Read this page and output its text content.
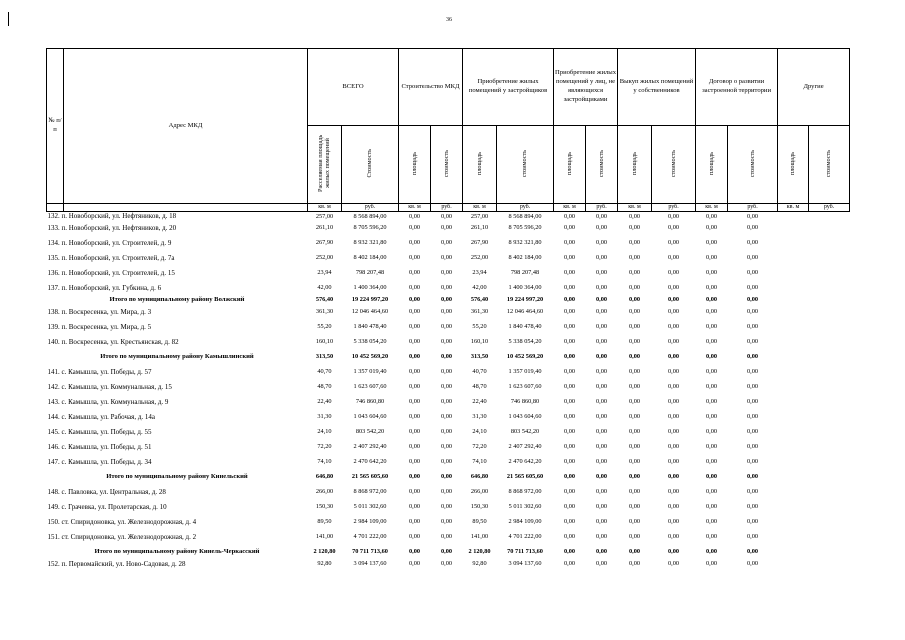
36
№ п/п	Адрес МКД	ВСЕГО		Строительство МКД		Приобретение жилых помещений у застройщиков		Приобретение жилых помещений у лиц, не являющихся застройщиками		Выкуп жилых помещений у собственников		Договор о развитии застроенной территории		Другие	
		Расселяемая площадь жилых помещений	Стоимость	площадь	стоимость	площадь	стоимость	площадь	стоимость	площадь	стоимость	площадь	стоимость	площадь	стоимость
		кв. м	руб.	кв. м	руб.	кв. м	руб.	кв. м	руб.	кв. м	руб.	кв. м	руб.	кв. м	руб.
132. п. Новоборский, ул. Нефтяников, д. 18		257,00	8 568 894,00	0,00	0,00	257,00	8 568 894,00	0,00	0,00	0,00	0,00	0,00	0,00		
133. п. Новоборский, ул. Нефтяников, д. 20		261,10	8 705 596,20	0,00	0,00	261,10	8 705 596,20	0,00	0,00	0,00	0,00	0,00	0,00		
134. п. Новоборский, ул. Строителей, д. 9		267,90	8 932 321,80	0,00	0,00	267,90	8 932 321,80	0,00	0,00	0,00	0,00	0,00	0,00		
135. п. Новоборский, ул. Строителей, д. 7а		252,00	8 402 184,00	0,00	0,00	252,00	8 402 184,00	0,00	0,00	0,00	0,00	0,00	0,00		
136. п. Новоборский, ул. Строителей, д. 15		23,94	798 207,48	0,00	0,00	23,94	798 207,48	0,00	0,00	0,00	0,00	0,00	0,00		
137. п. Новоборский, ул. Губкина, д. 6		42,00	1 400 364,00	0,00	0,00	42,00	1 400 364,00	0,00	0,00	0,00	0,00	0,00	0,00		
Итого по муниципальному району Волжский		576,40	19 224 997,20	0,00	0,00	576,40	19 224 997,20	0,00	0,00	0,00	0,00	0,00	0,00		
138. п. Воскресенка, ул. Мира, д. 3		361,30	12 046 464,60	0,00	0,00	361,30	12 046 464,60	0,00	0,00	0,00	0,00	0,00	0,00		
139. п. Воскресенка, ул. Мира, д. 5		55,20	1 840 478,40	0,00	0,00	55,20	1 840 478,40	0,00	0,00	0,00	0,00	0,00	0,00		
140. п. Воскресенка, ул. Крестьянская, д. 82		160,10	5 338 054,20	0,00	0,00	160,10	5 338 054,20	0,00	0,00	0,00	0,00	0,00	0,00		
Итого по муниципальному району Камышлинский		313,50	10 452 569,20	0,00	0,00	313,50	10 452 569,20	0,00	0,00	0,00	0,00	0,00	0,00		
141. с. Камышла, ул. Победы, д. 57		40,70	1 357 019,40	0,00	0,00	40,70	1 357 019,40	0,00	0,00	0,00	0,00	0,00	0,00		
142. с. Камышла, ул. Коммунальная, д. 15		48,70	1 623 607,60	0,00	0,00	48,70	1 623 607,60	0,00	0,00	0,00	0,00	0,00	0,00		
143. с. Камышла, ул. Коммунальная, д. 9		22,40	746 860,80	0,00	0,00	22,40	746 860,80	0,00	0,00	0,00	0,00	0,00	0,00		
144. с. Камышла, ул. Рабочая, д. 14а		31,30	1 043 604,60	0,00	0,00	31,30	1 043 604,60	0,00	0,00	0,00	0,00	0,00	0,00		
145. с. Камышла, ул. Победы, д. 55		24,10	803 542,20	0,00	0,00	24,10	803 542,20	0,00	0,00	0,00	0,00	0,00	0,00		
146. с. Камышла, ул. Победы, д. 51		72,20	2 407 292,40	0,00	0,00	72,20	2 407 292,40	0,00	0,00	0,00	0,00	0,00	0,00		
147. с. Камышла, ул. Победы, д. 34		74,10	2 470 642,20	0,00	0,00	74,10	2 470 642,20	0,00	0,00	0,00	0,00	0,00	0,00		
Итого по муниципальному району Кинельский		646,80	21 565 605,60	0,00	0,00	646,80	21 565 605,60	0,00	0,00	0,00	0,00	0,00	0,00		
148. с. Павловка, ул. Центральная, д. 28		266,00	8 868 972,00	0,00	0,00	266,00	8 868 972,00	0,00	0,00	0,00	0,00	0,00	0,00		
149. с. Грачевка, ул. Пролетарская, д. 10		150,30	5 011 302,60	0,00	0,00	150,30	5 011 302,60	0,00	0,00	0,00	0,00	0,00	0,00		
150. ст. Спиридоновка, ул. Железнодорожная, д. 4		89,50	2 984 109,00	0,00	0,00	89,50	2 984 109,00	0,00	0,00	0,00	0,00	0,00	0,00		
151. ст. Спиридоновка, ул. Железнодорожная, д. 2		141,00	4 701 222,00	0,00	0,00	141,00	4 701 222,00	0,00	0,00	0,00	0,00	0,00	0,00		
Итого по муниципальному району Кинель-Черкасский		2 120,80	70 711 713,60	0,00	0,00	2 120,80	70 711 713,60	0,00	0,00	0,00	0,00	0,00	0,00		
152. п. Первомайский, ул. Ново-Садовая, д. 28		92,80	3 094 137,60	0,00	0,00	92,80	3 094 137,60	0,00	0,00	0,00	0,00	0,00	0,00		
